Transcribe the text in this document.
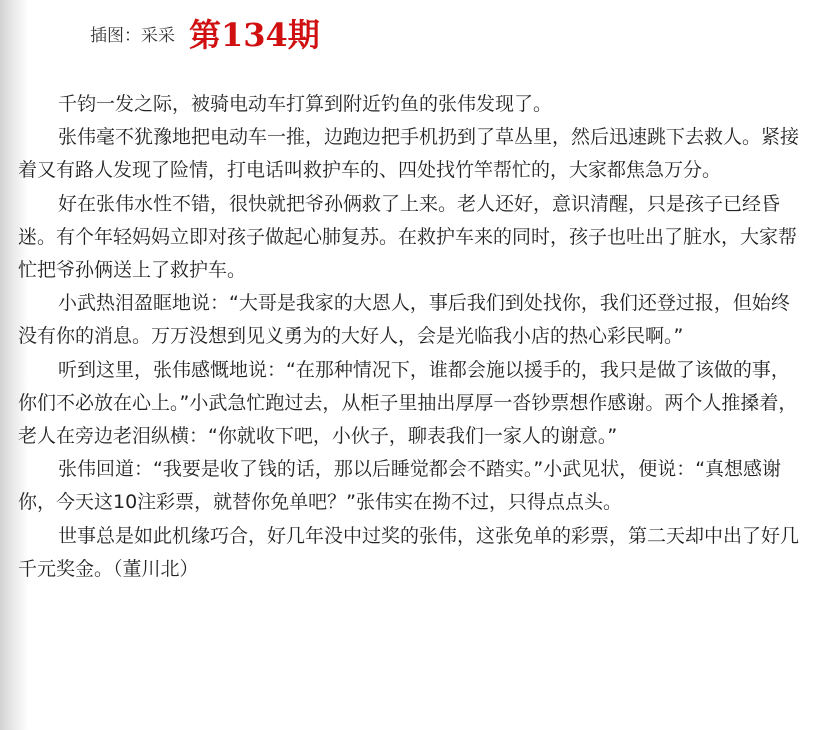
插图：采采 第134期

千钧一发之际，被骑电动车打算到附近钓鱼的张伟发现了。

张伟毫不犹豫地把电动车一推，边跑边把手机扔到了草丛里，然后迅速跳下去救人。紧接着又有路人发现了险情，打电话叫救护车的、四处找竹竿帮忙的，大家都焦急万分。

好在张伟水性不错，很快就把爷孙俩救了上来。老人还好，意识清醒，只是孩子已经昏迷。有个年轻妈妈立即对孩子做起心肺复苏。在救护车来的同时，孩子也吐出了脏水，大家帮忙把爷孙俩送上了救护车。

小武热泪盈眶地说：“大哥是我家的大恩人，事后我们到处找你，我们还登过报，但始终没有你的消息。万万没想到见义勇为的大好人，会是光临我小店的热心彩民啊。”

听到这里，张伟感慨地说：“在那种情况下，谁都会施以援手的，我只是做了该做的事，你们不必放在心上。”小武急忙跑过去，从柜子里抽出厚厚一沓钞票想作感谢。两个人推搡着，老人在旁边老泪纵横：“你就收下吧，小伙子，聊表我们一家人的谢意。”

张伟回道：“我要是收了钱的话，那以后睡觉都会不踏实。”小武见状，便说：“真想感谢你，今天这10注彩票，就替你免单吧？”张伟实在拗不过，只得点点头。

世事总是如此机缘巧合，好几年没中过奖的张伟，这张免单的彩票，第二天却中出了好几千元奖金。（董川北）
